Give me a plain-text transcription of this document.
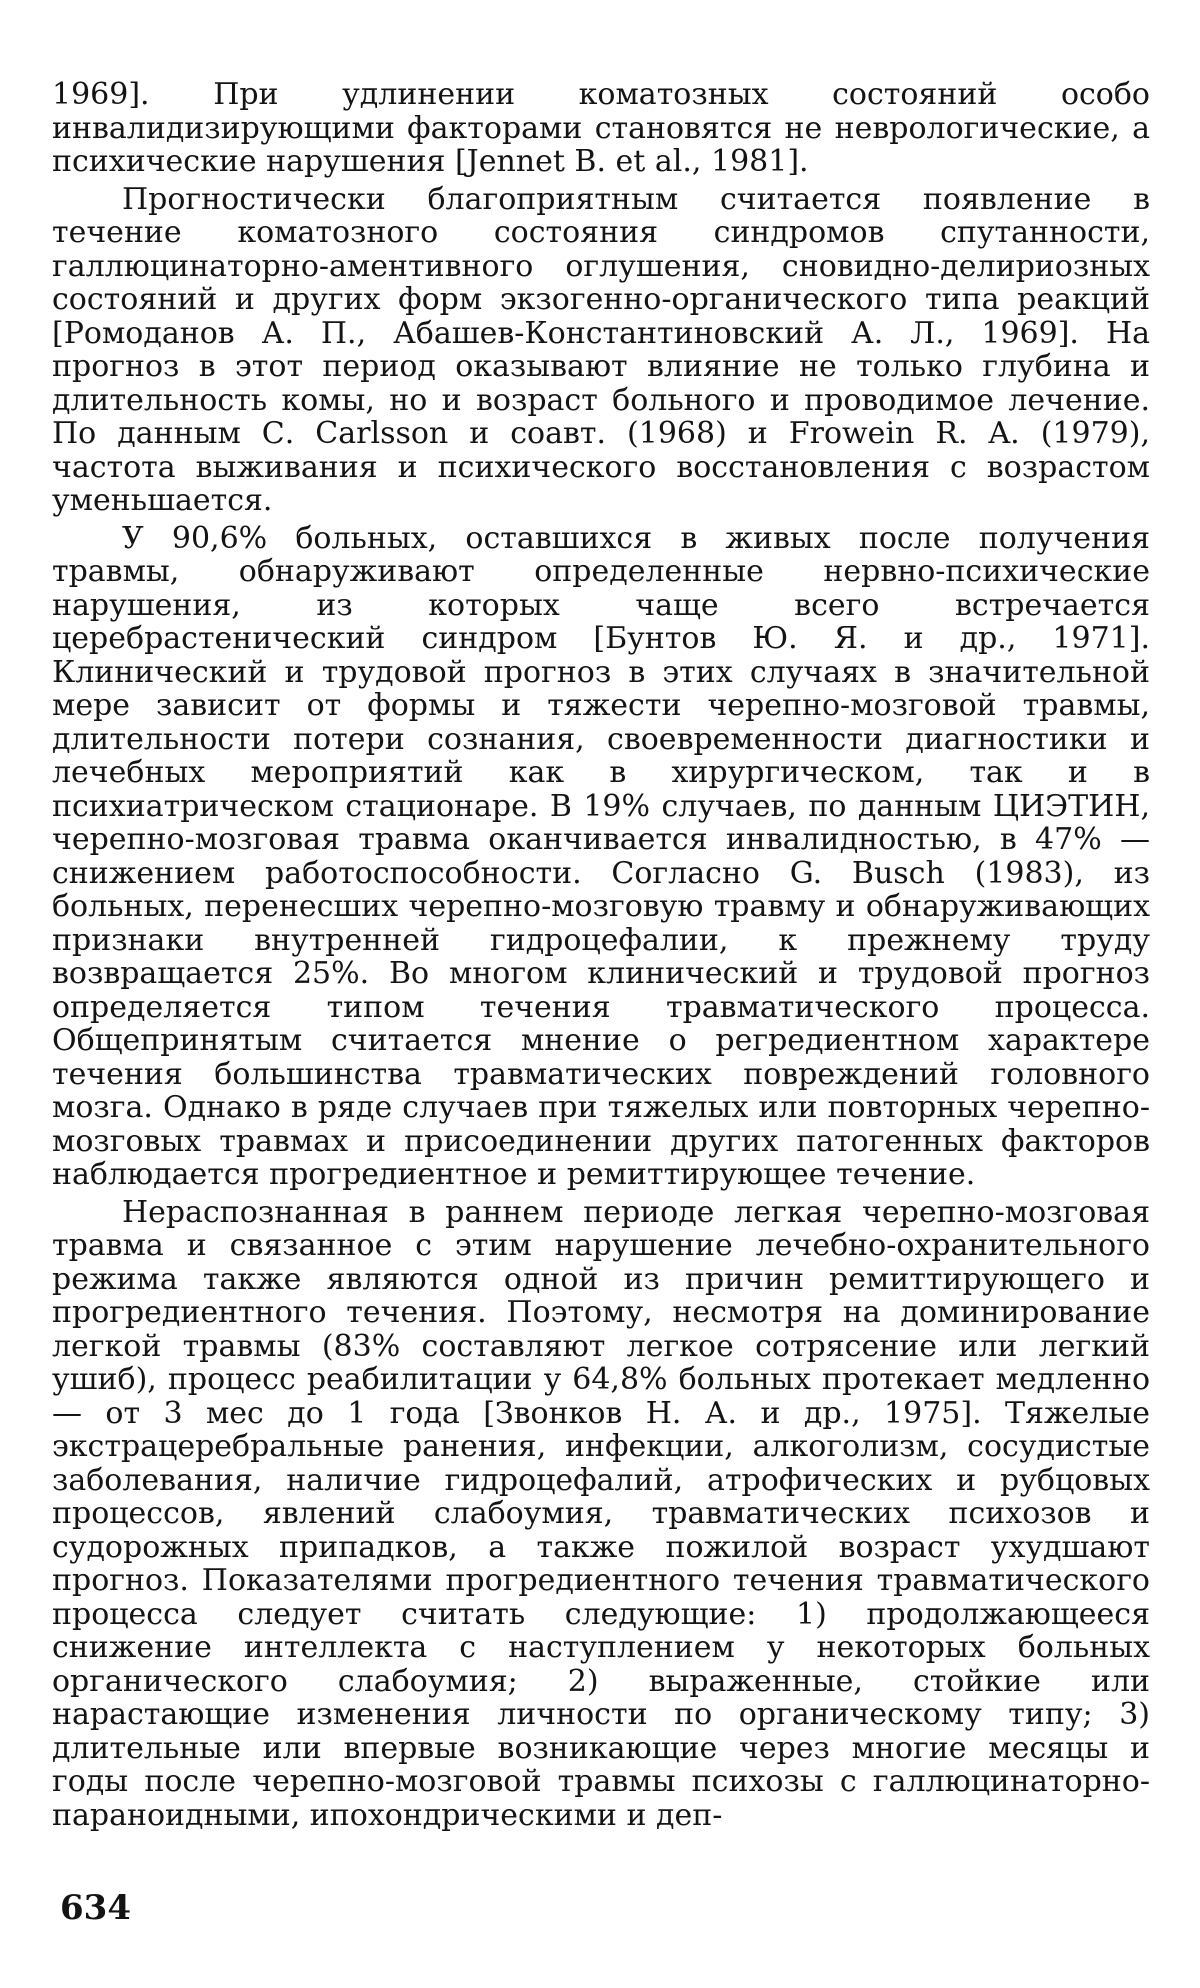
1969]. При удлинении коматозных состояний особо инвалидизирующими факторами становятся не неврологические, а психические нарушения [Jennet B. et al., 1981].

Прогностически благоприятным считается появление в течение коматозного состояния синдромов спутанности, галлюцинаторно-аментивного оглушения, сновидно-делириозных состояний и других форм экзогенно-органического типа реакций [Ромоданов А. П., Абашев-Константиновский А. Л., 1969]. На прогноз в этот период оказывают влияние не только глубина и длительность комы, но и возраст больного и проводимое лечение. По данным С. Carlsson и соавт. (1968) и Frowein R. A. (1979), частота выживания и психического восстановления с возрастом уменьшается.

У 90,6% больных, оставшихся в живых после получения травмы, обнаруживают определенные нервно-психические нарушения, из которых чаще всего встречается церебрастенический синдром [Бунтов Ю. Я. и др., 1971]. Клинический и трудовой прогноз в этих случаях в значительной мере зависит от формы и тяжести черепно-мозговой травмы, длительности потери сознания, своевременности диагностики и лечебных мероприятий как в хирургическом, так и в психиатрическом стационаре. В 19% случаев, по данным ЦИЭТИН, черепно-мозговая травма оканчивается инвалидностью, в 47% — снижением работоспособности. Согласно G. Busch (1983), из больных, перенесших черепно-мозговую травму и обнаруживающих признаки внутренней гидроцефалии, к прежнему труду возвращается 25%. Во многом клинический и трудовой прогноз определяется типом течения травматического процесса. Общепринятым считается мнение о регредиентном характере течения большинства травматических повреждений головного мозга. Однако в ряде случаев при тяжелых или повторных черепно-мозговых травмах и присоединении других патогенных факторов наблюдается прогредиентное и ремиттирующее течение.

Нераспознанная в раннем периоде легкая черепно-мозговая травма и связанное с этим нарушение лечебно-охранительного режима также являются одной из причин ремиттирующего и прогредиентного течения. Поэтому, несмотря на доминирование легкой травмы (83% составляют легкое сотрясение или легкий ушиб), процесс реабилитации у 64,8% больных протекает медленно — от 3 мес до 1 года [Звонков Н. А. и др., 1975]. Тяжелые экстрацеребральные ранения, инфекции, алкоголизм, сосудистые заболевания, наличие гидроцефалий, атрофических и рубцовых процессов, явлений слабоумия, травматических психозов и судорожных припадков, а также пожилой возраст ухудшают прогноз. Показателями прогредиентного течения травматического процесса следует считать следующие: 1) продолжающееся снижение интеллекта с наступлением у некоторых больных органического слабоумия; 2) выраженные, стойкие или нарастающие изменения личности по органическому типу; 3) длительные или впервые возникающие через многие месяцы и годы после черепно-мозговой травмы психозы с галлюцинаторно-параноидными, ипохондрическими и деп-

634
